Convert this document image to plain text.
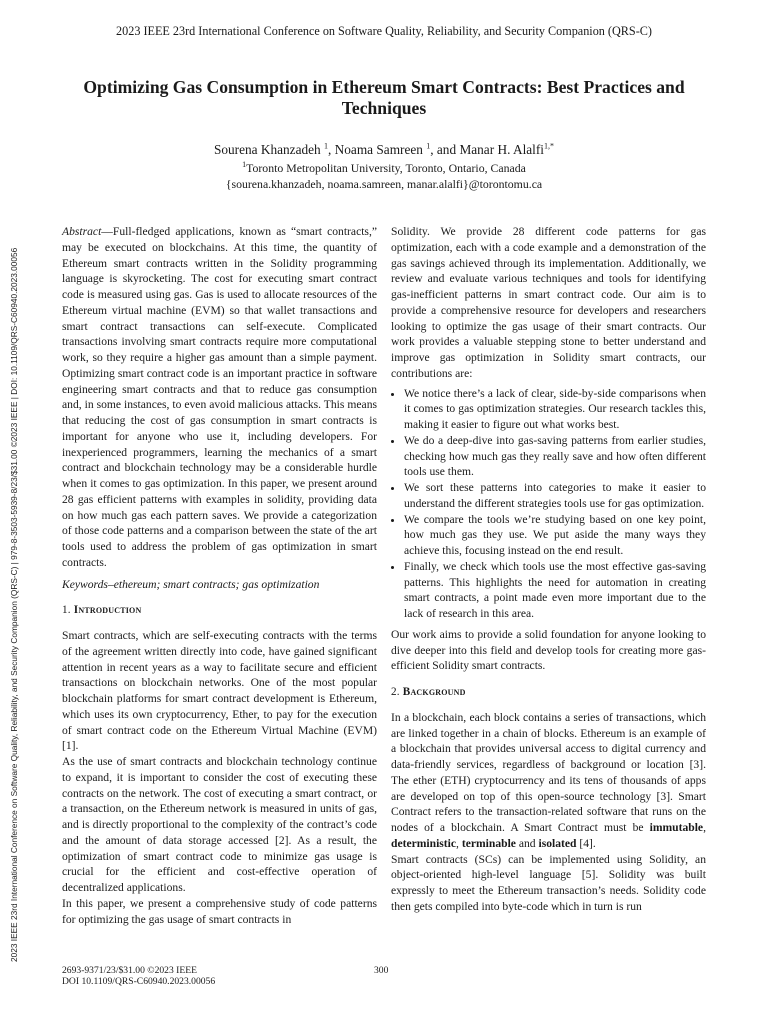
2023 IEEE 23rd International Conference on Software Quality, Reliability, and Security Companion (QRS-C)
2023 IEEE 23rd International Conference on Software Quality, Reliability, and Security Companion (QRS-C) | 979-8-3503-5939-8/23/$31.00 ©2023 IEEE | DOI: 10.1109/QRS-C60940.2023.00056
Optimizing Gas Consumption in Ethereum Smart Contracts: Best Practices and Techniques
Sourena Khanzadeh $^1$, Noama Samreen $^1$, and Manar H. Alalfi$^{1,*}$
$^1$Toronto Metropolitan University, Toronto, Ontario, Canada
{sourena.khanzadeh, noama.samreen, manar.alalfi}@torontomu.ca

Abstract—Full-fledged applications, known as “smart contracts,” may be executed on blockchains. At this time, the quantity of Ethereum smart contracts written in the Solidity programming language is skyrocketing. The cost for executing smart contract code is measured using gas. Gas is used to allocate resources of the Ethereum virtual machine (EVM) so that wallet transactions and smart contract transactions can self-execute. Complicated transactions involving smart contracts require more computational work, so they require a higher gas amount than a simple payment. Optimizing smart contract code is an important practice in software engineering smart contracts and that to reduce gas consumption and, in some instances, to even avoid malicious attacks. This means that reducing the cost of gas consumption in smart contracts is important for anyone who use it, including developers. For inexperienced programmers, learning the mechanics of a smart contract and blockchain technology may be a considerable hurdle when it comes to gas optimization. In this paper, we present around 28 gas efficient patterns with examples in solidity, providing data on how much gas each pattern saves. We provide a categorization of those code patterns and a comparison between the state of the art tools used to address the problem of gas optimization in smart contracts.

Keywords–ethereum; smart contracts; gas optimization

1. Introduction

Smart contracts, which are self-executing contracts with the terms of the agreement written directly into code, have gained significant attention in recent years as a way to facilitate secure and efficient transactions on blockchain networks. One of the most popular blockchain platforms for smart contract development is Ethereum, which uses its own cryptocurrency, Ether, to pay for the execution of smart contract code on the Ethereum Virtual Machine (EVM) [1].

As the use of smart contracts and blockchain technology continue to expand, it is important to consider the cost of executing these contracts on the network. The cost of executing a smart contract, or a transaction, on the Ethereum network is measured in units of gas, and is directly proportional to the complexity of the contract’s code and the amount of data storage accessed [2]. As a result, the optimization of smart contract code to minimize gas usage is crucial for the efficient and cost-effective operation of decentralized applications.

In this paper, we present a comprehensive study of code patterns for optimizing the gas usage of smart contracts in

Solidity. We provide 28 different code patterns for gas optimization, each with a code example and a demonstration of the gas savings achieved through its implementation. Additionally, we review and evaluate various techniques and tools for identifying gas-inefficient patterns in smart contract code. Our aim is to provide a comprehensive resource for developers and researchers looking to optimize the gas usage of their smart contracts. Our work provides a valuable stepping stone to better understand and improve gas optimization in Solidity smart contracts, our contributions are:

• We notice there’s a lack of clear, side-by-side comparisons when it comes to gas optimization strategies. Our research tackles this, making it easier to figure out what works best.
• We do a deep-dive into gas-saving patterns from earlier studies, checking how much gas they really save and how often different tools use them.
• We sort these patterns into categories to make it easier to understand the different strategies tools use for gas optimization.
• We compare the tools we’re studying based on one key point, how much gas they use. We put aside the many ways they achieve this, focusing instead on the end result.
• Finally, we check which tools use the most effective gas-saving patterns. This highlights the need for automation in creating smart contracts, a point made even more important due to the lack of research in this area.

Our work aims to provide a solid foundation for anyone looking to dive deeper into this field and develop tools for creating more gas-efficient Solidity smart contracts.

2. Background

In a blockchain, each block contains a series of transactions, which are linked together in a chain of blocks. Ethereum is an example of a blockchain that provides universal access to digital currency and data-friendly services, regardless of background or location [3]. The ether (ETH) cryptocurrency and its tens of thousands of apps are developed on top of this open-source technology [3]. Smart Contract refers to the transaction-related software that runs on the nodes of a blockchain. A Smart Contract must be immutable, deterministic, terminable and isolated [4].

Smart contracts (SCs) can be implemented using Solidity, an object-oriented high-level language [5]. Solidity was built expressly to meet the Ethereum transaction’s needs. Solidity code then gets compiled into byte-code which in turn is run

2693-9371/23/$31.00 ©2023 IEEE
DOI 10.1109/QRS-C60940.2023.00056
300
